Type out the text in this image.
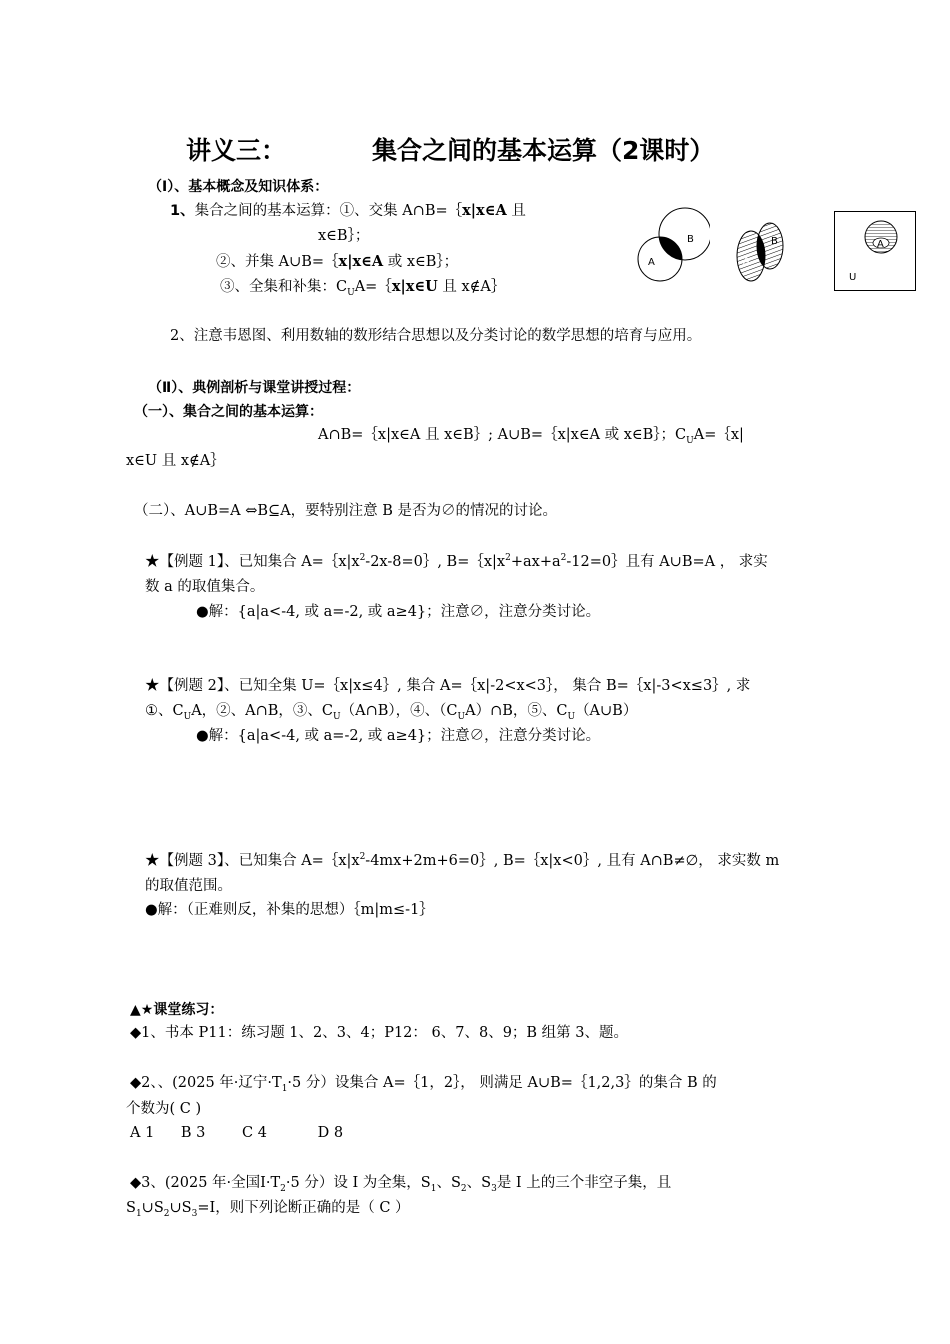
讲义三：	集合之间的基本运算（2课时）
（Ⅰ）、基本概念及知识体系：
1、集合之间的基本运算：①、交集 A∩B=｛x|x∈A 且
x∈B｝；
②、并集 A∪B=｛x|x∈A 或 x∈B｝；
③、全集和补集：$C_UA=\{x|x\in U$ 且 x∉A｝
A
B
A
B	A
U
2、注意韦恩图、利用数轴的数形结合思想以及分类讨论的数学思想的培育与应用。
（Ⅱ）、典例剖析与课堂讲授过程：
（一）、集合之间的基本运算：
A∩B=｛x|x∈A 且 x∈B｝; A∪B=｛x|x∈A 或 x∈B｝；$C_UA=\{x|$
x∈U 且 x∉A｝
（二）、A∪B=A ⇔B⊆A，要特别注意 B 是否为∅的情况的讨论。
★【例题 1】、已知集合 $A=\{x|x^2-2x-8=0\}$, $B=\{x|x^2+ax+a^2-12=0\}$且有 A∪B=A ， 求实
数 a 的取值集合。
●解：{a|a<-4, 或 a=-2, 或 a≥4}；注意∅，注意分类讨论。
★【例题 2】、已知全集 U=｛x|x≤4｝, 集合 A=｛x|-2<x<3｝， 集合 B=｛x|-3<x≤3｝, 求
①、$C_UA$，②、A∩B，③、$C_U(A\cap B)$，④、$(C_UA)\cap B$，⑤、$C_U(A\cup B)$
●解：{a|a<-4, 或 a=-2, 或 a≥4}；注意∅，注意分类讨论。
★【例题 3】、已知集合 $A=\{x|x^2-4mx+2m+6=0\}$, B=｛x|x<0｝, 且有 A∩B≠∅， 求实数 m
的取值范围。
●解：（正难则反，补集的思想）｛m|m≤-1｝
▲★课堂练习：
◆1、书本 P11：练习题 1、2、3、4；P12： 6、7、8、9；B 组第 3、题。
◆2、、(2025 年·辽宁$\cdot T_1\cdot 5$ 分）设集合 A=｛1，2｝， 则满足 A∪B=｛1,2,3｝的集合 B 的
个数为( C )
A 1 B 3	C 4	D 8
◆3、(2025 年·全国$Ⅰ\cdot T_2\cdot 5$ 分）设 I 为全集，$S_1$、$S_2$、$S_3$是 I 上的三个非空子集，且
$S_1\cup S_2\cup S_3=I$，则下列论断正确的是（ C ）
